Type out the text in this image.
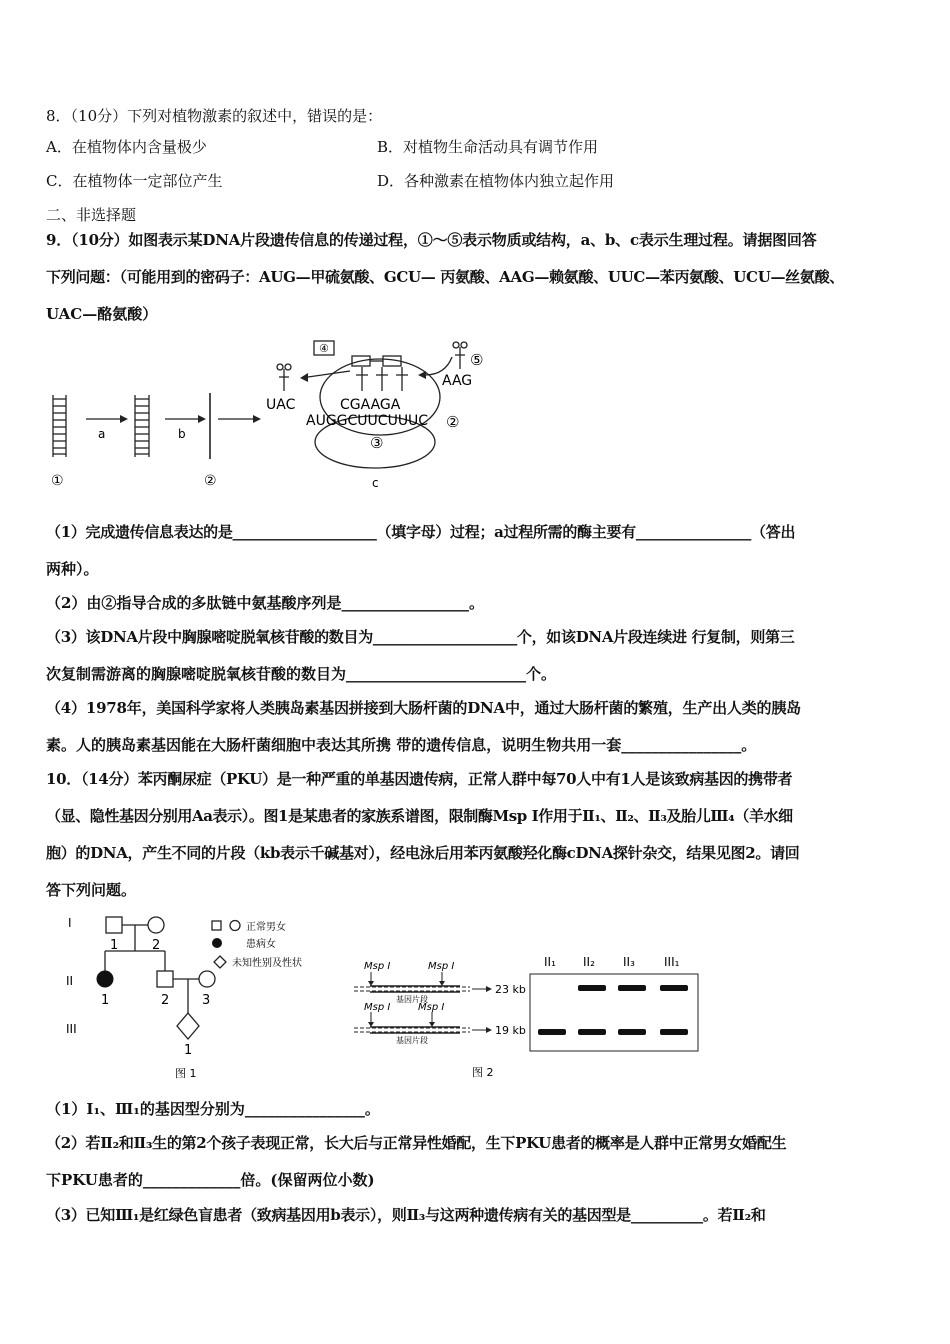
8．（10分）下列对植物激素的叙述中，错误的是：
A．在植物体内含量极少	B．对植物生命活动具有调节作用
C．在植物体一定部位产生	D．各种激素在植物体内独立起作用
二、非选择题
9．（10分）如图表示某DNA片段遗传信息的传递过程，①～⑤表示物质或结构，a、b、c表示生理过程。请据图回答
下列问题：（可能用到的密码子：AUG—甲硫氨酸、GCU— 丙氨酸、AAG—赖氨酸、UUC—苯丙氨酸、UCU—丝氨酸、
UAC—酪氨酸）
a	b
①	②
④
⑤
AAG
UAC	CGAAGA
AUGGCUUCUUUC ②
③
c
（1）完成遗传信息表达的是____________________（填字母）过程；a过程所需的酶主要有________________（答出
两种）。
（2）由②指导合成的多肽链中氨基酸序列是_________________。
（3）该DNA片段中胸腺嘧啶脱氧核苷酸的数目为____________________个，如该DNA片段连续进 行复制，则第三
次复制需游离的胸腺嘧啶脱氧核苷酸的数目为________________________个。
（4）1978年，美国科学家将人类胰岛素基因拼接到大肠杆菌的DNA中，通过大肠杆菌的繁殖，生产出人类的胰岛
素。人的胰岛素基因能在大肠杆菌细胞中表达其所携 带的遗传信息，说明生物共用一套________________。
10．（14分）苯丙酮尿症（PKU）是一种严重的单基因遗传病，正常人群中每70人中有1人是该致病基因的携带者
（显、隐性基因分别用Aa表示）。图1是某患者的家族系谱图，限制酶Msp I作用于Ⅱ₁、Ⅱ₂、Ⅱ₃及胎儿Ⅲ₄（羊水细
胞）的DNA，产生不同的片段（kb表示千碱基对），经电泳后用苯丙氨酸羟化酶cDNA探针杂交，结果见图2。请回
答下列问题。
I
II
III
1	2
1	2	3
1
正常男女
患病女
未知性别及性状
图 1
Msp I	Msp I
基因片段
Msp I	Msp I
基因片段
23 kb
19 kb
II₁ II₂ II₃ III₁
图 2
（1）I₁、Ⅲ₁的基因型分别为________________。
（2）若Ⅱ₂和Ⅱ₃生的第2个孩子表现正常，长大后与正常异性婚配，生下PKU患者的概率是人群中正常男女婚配生
下PKU患者的_____________倍。(保留两位小数)
（3）已知Ⅲ₁是红绿色盲患者（致病基因用b表示），则Ⅱ₃与这两种遗传病有关的基因型是__________。若Ⅱ₂和
